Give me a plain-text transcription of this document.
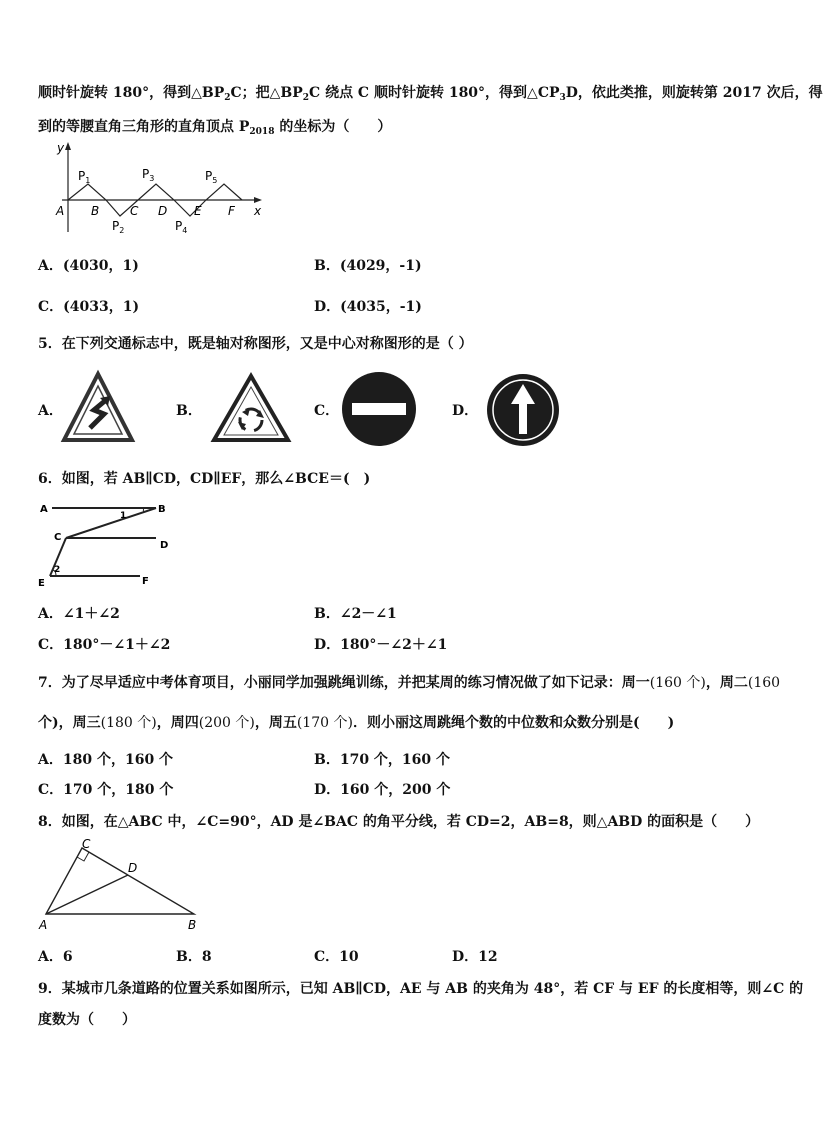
顺时针旋转 180°，得到$\triangle BP_2C$；把$\triangle BP_2C$ 绕点 C 顺时针旋转 180°，得到$\triangle CP_3D$，依此类推，则旋转第 2017 次后，得
到的等腰直角三角形的直角顶点 $P_{2018}$ 的坐标为（　　）
y
x
A B	C D E F
$P_1$	$P_3$	$P_5$
$P_2$	$P_4$
A．(4030，1)	B．(4029，-1)
C．(4033，1)	D．(4035，-1)
5．在下列交通标志中，既是轴对称图形，又是中心对称图形的是（ ）
A．	B．	C．	D．
6．如图，若 AB∥CD，CD∥EF，那么∠BCE＝(　)
A	B
C
D
E	F
1
2
A．∠1＋∠2	B．∠2－∠1
C．180°－∠1＋∠2	D．180°－∠2＋∠1
7．为了尽早适应中考体育项目，小丽同学加强跳绳训练，并把某周的练习情况做了如下记录：周一(160 个)，周二(160
个)，周三(180 个)，周四(200 个)，周五(170 个)．则小丽这周跳绳个数的中位数和众数分别是(　　)
A．180 个，160 个	B．170 个，160 个
C．170 个，180 个	D．160 个，200 个
8．如图，在△ABC 中，∠C=90°，AD 是∠BAC 的角平分线，若 CD=2，AB=8，则△ABD 的面积是（　　）
C
D
A	B
A．6	B．8	C．10	D．12
9．某城市几条道路的位置关系如图所示，已知 AB∥CD，AE 与 AB 的夹角为 48°，若 CF 与 EF 的长度相等，则∠C 的
度数为（　　）
